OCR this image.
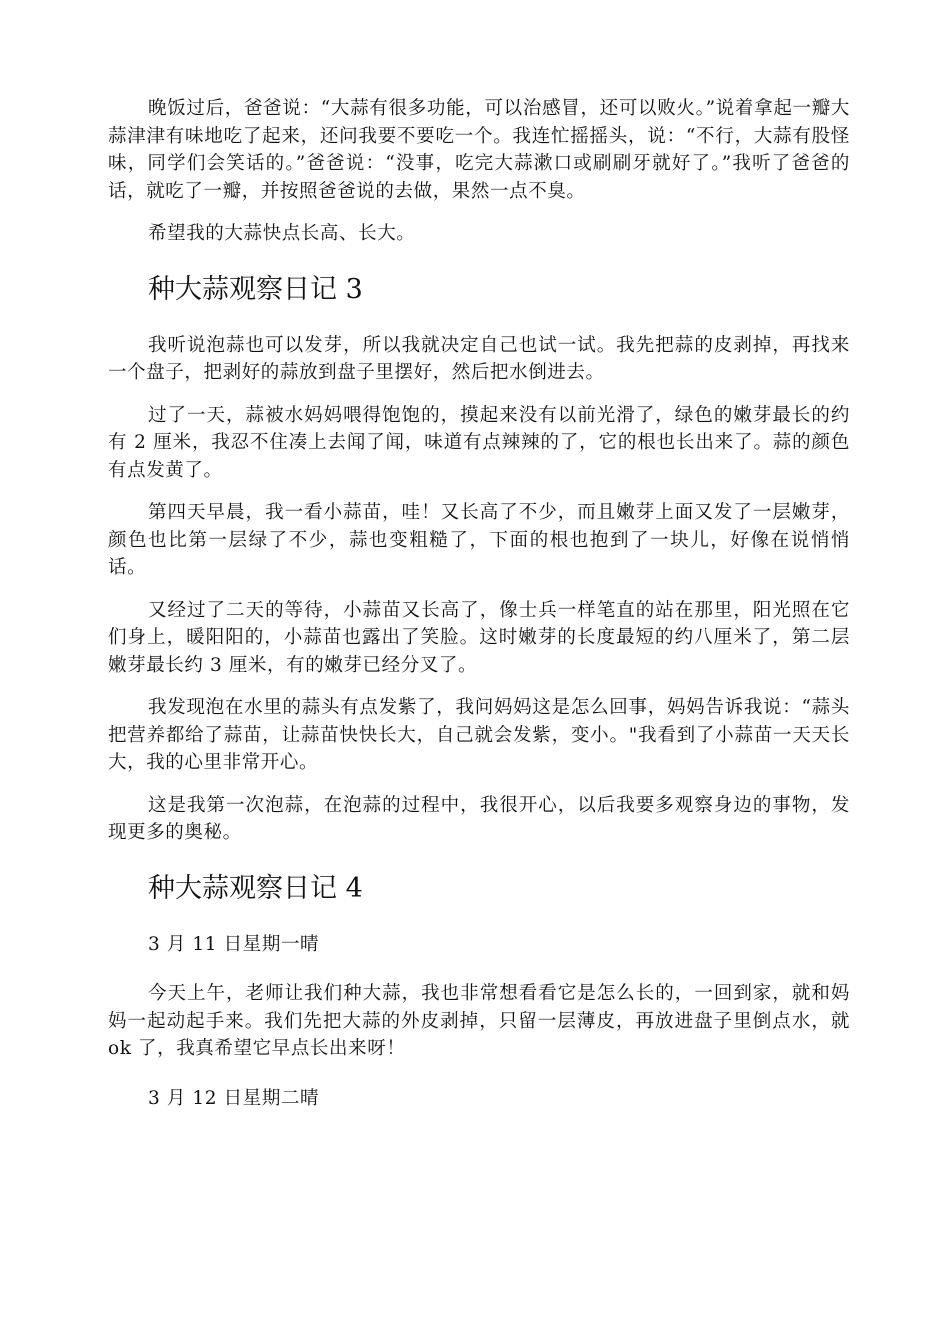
晚饭过后，爸爸说：“大蒜有很多功能，可以治感冒，还可以败火。”说着拿起一瓣大蒜津津有味地吃了起来，还问我要不要吃一个。我连忙摇摇头，说：“不行，大蒜有股怪味，同学们会笑话的。”爸爸说：“没事，吃完大蒜漱口或刷刷牙就好了。”我听了爸爸的话，就吃了一瓣，并按照爸爸说的去做，果然一点不臭。

希望我的大蒜快点长高、长大。

种大蒜观察日记 3

我听说泡蒜也可以发芽，所以我就决定自己也试一试。我先把蒜的皮剥掉，再找来一个盘子，把剥好的蒜放到盘子里摆好，然后把水倒进去。

过了一天，蒜被水妈妈喂得饱饱的，摸起来没有以前光滑了，绿色的嫩芽最长的约有 2 厘米，我忍不住凑上去闻了闻，味道有点辣辣的了，它的根也长出来了。蒜的颜色有点发黄了。

第四天早晨，我一看小蒜苗，哇！又长高了不少，而且嫩芽上面又发了一层嫩芽，颜色也比第一层绿了不少，蒜也变粗糙了，下面的根也抱到了一块儿，好像在说悄悄话。

又经过了二天的等待，小蒜苗又长高了，像士兵一样笔直的站在那里，阳光照在它们身上，暖阳阳的，小蒜苗也露出了笑脸。这时嫩芽的长度最短的约八厘米了，第二层嫩芽最长约 3 厘米，有的嫩芽已经分叉了。

我发现泡在水里的蒜头有点发紫了，我问妈妈这是怎么回事，妈妈告诉我说：“蒜头把营养都给了蒜苗，让蒜苗快快长大，自己就会发紫，变小。"我看到了小蒜苗一天天长大，我的心里非常开心。

这是我第一次泡蒜，在泡蒜的过程中，我很开心，以后我要多观察身边的事物，发现更多的奥秘。

种大蒜观察日记 4

3 月 11 日星期一晴

今天上午，老师让我们种大蒜，我也非常想看看它是怎么长的，一回到家，就和妈妈一起动起手来。我们先把大蒜的外皮剥掉，只留一层薄皮，再放进盘子里倒点水，就 ok 了，我真希望它早点长出来呀！

3 月 12 日星期二晴
